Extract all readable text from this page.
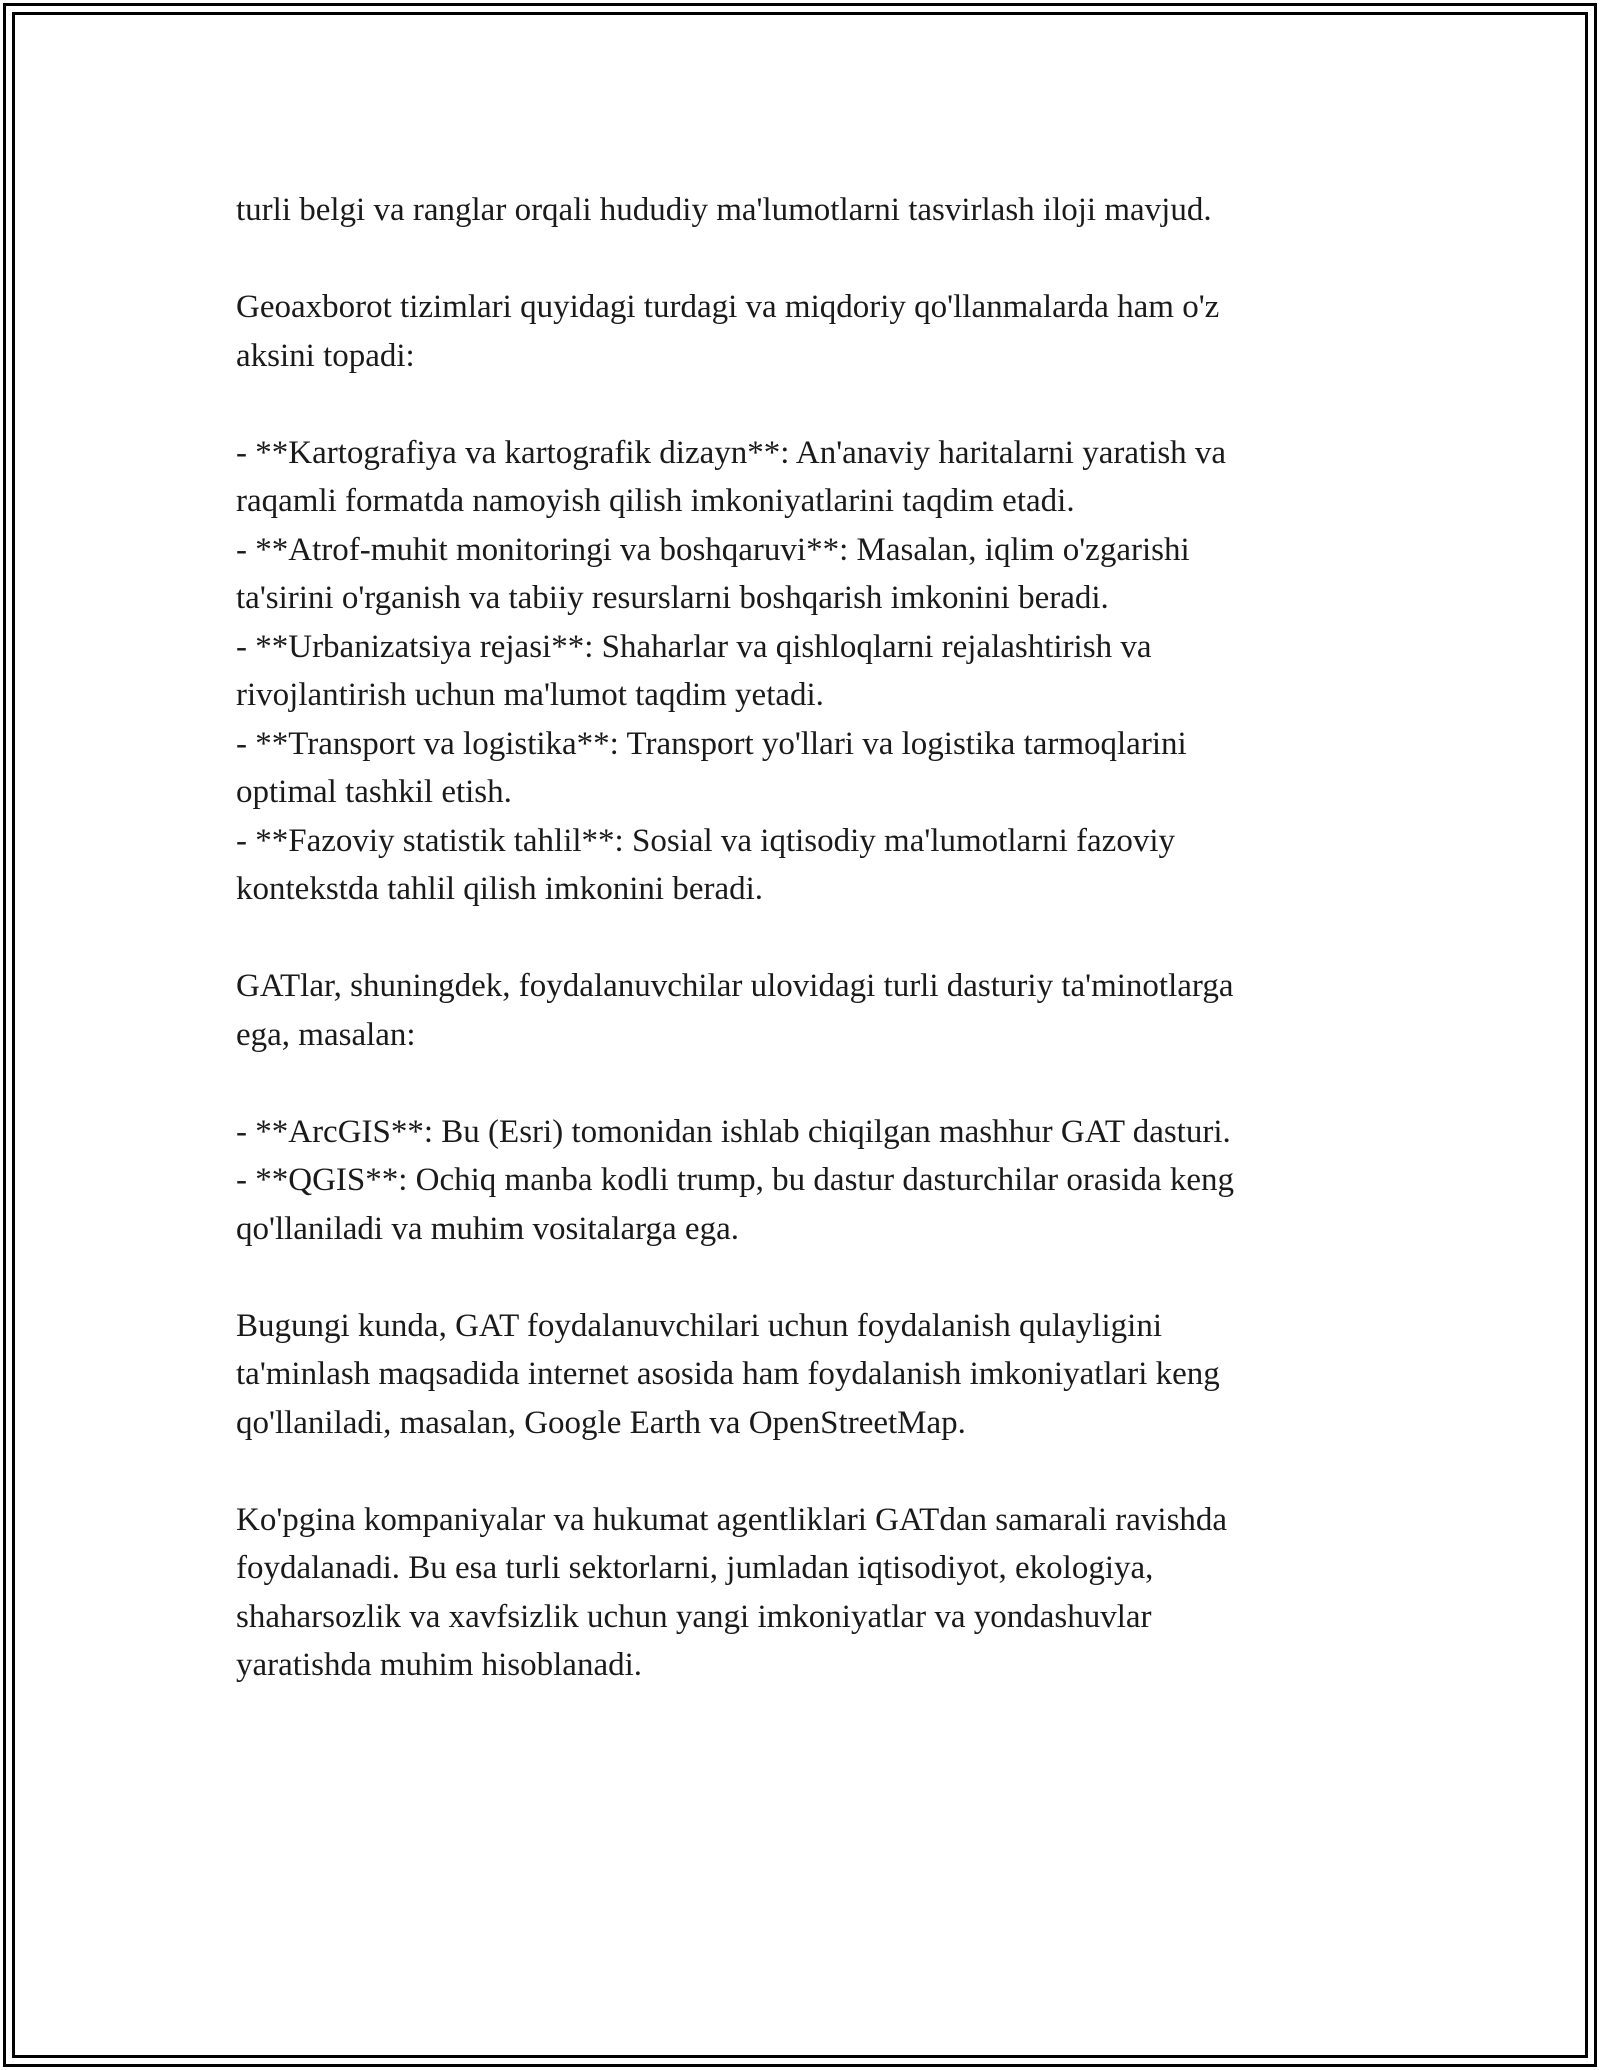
turli belgi va ranglar orqali hududiy ma'lumotlarni tasvirlash iloji mavjud.
Geoaxborot tizimlari quyidagi turdagi va miqdoriy qo'llanmalarda ham o'z
aksini topadi:
- **Kartografiya va kartografik dizayn**: An'anaviy haritalarni yaratish va
raqamli formatda namoyish qilish imkoniyatlarini taqdim etadi.
- **Atrof-muhit monitoringi va boshqaruvi**: Masalan, iqlim o'zgarishi
ta'sirini o'rganish va tabiiy resurslarni boshqarish imkonini beradi.
- **Urbanizatsiya rejasi**: Shaharlar va qishloqlarni rejalashtirish va
rivojlantirish uchun ma'lumot taqdim yetadi.
- **Transport va logistika**: Transport yo'llari va logistika tarmoqlarini
optimal tashkil etish.
- **Fazoviy statistik tahlil**: Sosial va iqtisodiy ma'lumotlarni fazoviy
kontekstda tahlil qilish imkonini beradi.
GATlar, shuningdek, foydalanuvchilar ulovidagi turli dasturiy ta'minotlarga
ega, masalan:
- **ArcGIS**: Bu (Esri) tomonidan ishlab chiqilgan mashhur GAT dasturi.
- **QGIS**: Ochiq manba kodli trump, bu dastur dasturchilar orasida keng
qo'llaniladi va muhim vositalarga ega.
Bugungi kunda, GAT foydalanuvchilari uchun foydalanish qulayligini
ta'minlash maqsadida internet asosida ham foydalanish imkoniyatlari keng
qo'llaniladi, masalan, Google Earth va OpenStreetMap.
Ko'pgina kompaniyalar va hukumat agentliklari GATdan samarali ravishda
foydalanadi. Bu esa turli sektorlarni, jumladan iqtisodiyot, ekologiya,
shaharsozlik va xavfsizlik uchun yangi imkoniyatlar va yondashuvlar
yaratishda muhim hisoblanadi.
